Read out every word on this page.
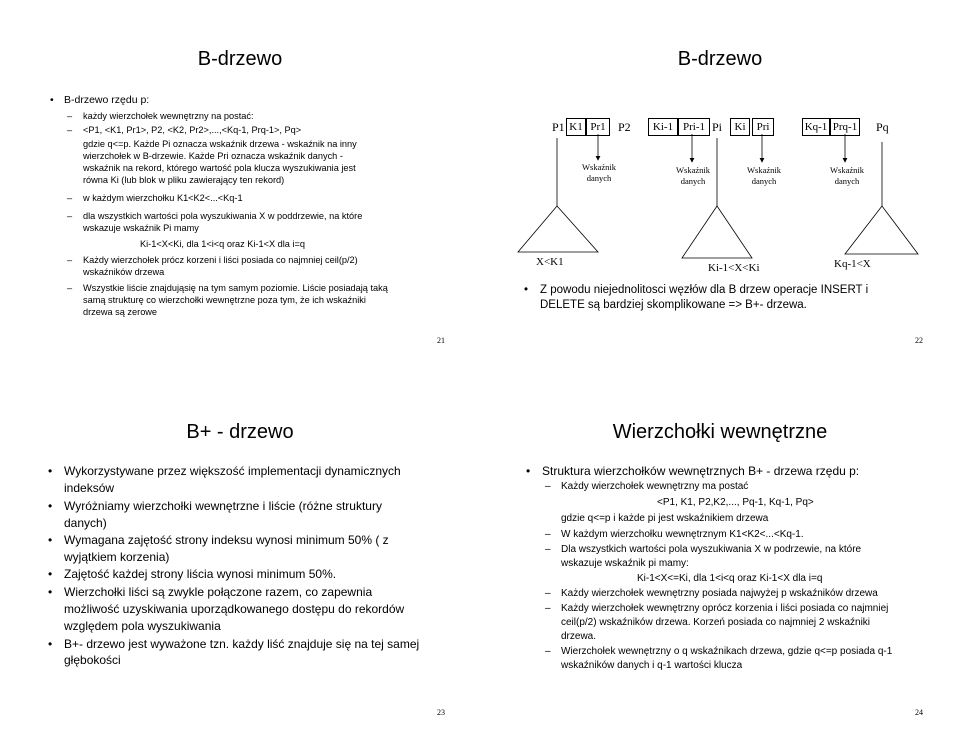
B-drzewo
• B-drzewo rzędu p:
– każdy wierzchołek wewnętrzny na postać:
– <P1, <K1, Pr1>, P2, <K2, Pr2>,...,<Kq-1, Prq-1>, Pq>
gdzie q<=p. Każde Pi oznacza wskaźnik drzewa - wskaźnik na inny
wierzchołek w B-drzewie. Każde Pri oznacza wskaźnik danych -
wskaźnik na rekord, którego wartość pola klucza wyszukiwania jest
równa Ki (lub blok w pliku zawierający ten rekord)
– w każdym wierzchołku K1<K2<...<Kq-1
– dla wszystkich wartości pola wyszukiwania X w poddrzewie, na które
wskazuje wskaźnik Pi mamy
Ki-1<X<Ki, dla 1<i<q oraz Ki-1<X dla i=q
– Każdy wierzchołek prócz korzeni i liści posiada co najmniej ceil(p/2)
wskaźników drzewa
– Wszystkie liście znajdująsię na tym samym poziomie. Liście posiadają taką
samą strukturę co wierzchołki wewnętrzne poza tym, że ich wskaźniki
drzewa są zerowe
21
B-drzewo
P1 K1 Pr1	P2	Ki-1 Pri-1 Pi	Ki	Pri	Kq-1 Prq-1 Pq
Wskaźnik danych
Wskaźnik danych
Wskaźnik danych
Wskaźnik danych
X<K1	Ki-1<X<Ki	Kq-1<X
• Z powodu niejednolitosci węzłów dla B drzew operacje INSERT i
DELETE są bardziej skomplikowane => B+- drzewa.
22
B+ - drzewo
• Wykorzystywane przez większość implementacji dynamicznych
indeksów
• Wyróżniamy wierzchołki wewnętrzne i liście (różne struktury
danych)
• Wymagana zajętość strony indeksu wynosi minimum 50% ( z
wyjątkiem korzenia)
• Zajętość każdej strony liścia wynosi minimum 50%.
• Wierzchołki liści są zwykle połączone razem, co zapewnia
możliwość uzyskiwania uporządkowanego dostępu do rekordów
względem pola wyszukiwania
• B+- drzewo jest wyważone tzn. każdy liść znajduje się na tej samej
głębokości
23
Wierzchołki wewnętrzne
• Struktura wierzchołków wewnętrznych B+ - drzewa rzędu p:
– Każdy wierzchołek wewnętrzny ma postać
<P1, K1, P2,K2,..., Pq-1, Kq-1, Pq>
gdzie q<=p i każde pi jest wskaźnikiem drzewa
– W każdym wierzchołku wewnętrznym K1<K2<...<Kq-1.
– Dla wszystkich wartości pola wyszukiwania X w podrzewie, na które
wskazuje wskaźnik pi mamy:
Ki-1<X<=Ki, dla 1<i<q oraz Ki-1<X dla i=q
– Każdy wierzchołek wewnętrzny posiada najwyżej p wskaźników drzewa
– Każdy wierzchołek wewnętrzny oprócz korzenia i liści posiada co najmniej
ceil(p/2) wskaźników drzewa. Korzeń posiada co najmniej 2 wskaźniki
drzewa.
– Wierzchołek wewnętrzny o q wskaźnikach drzewa, gdzie q<=p posiada q-1
wskaźników danych i q-1 wartości klucza
24
